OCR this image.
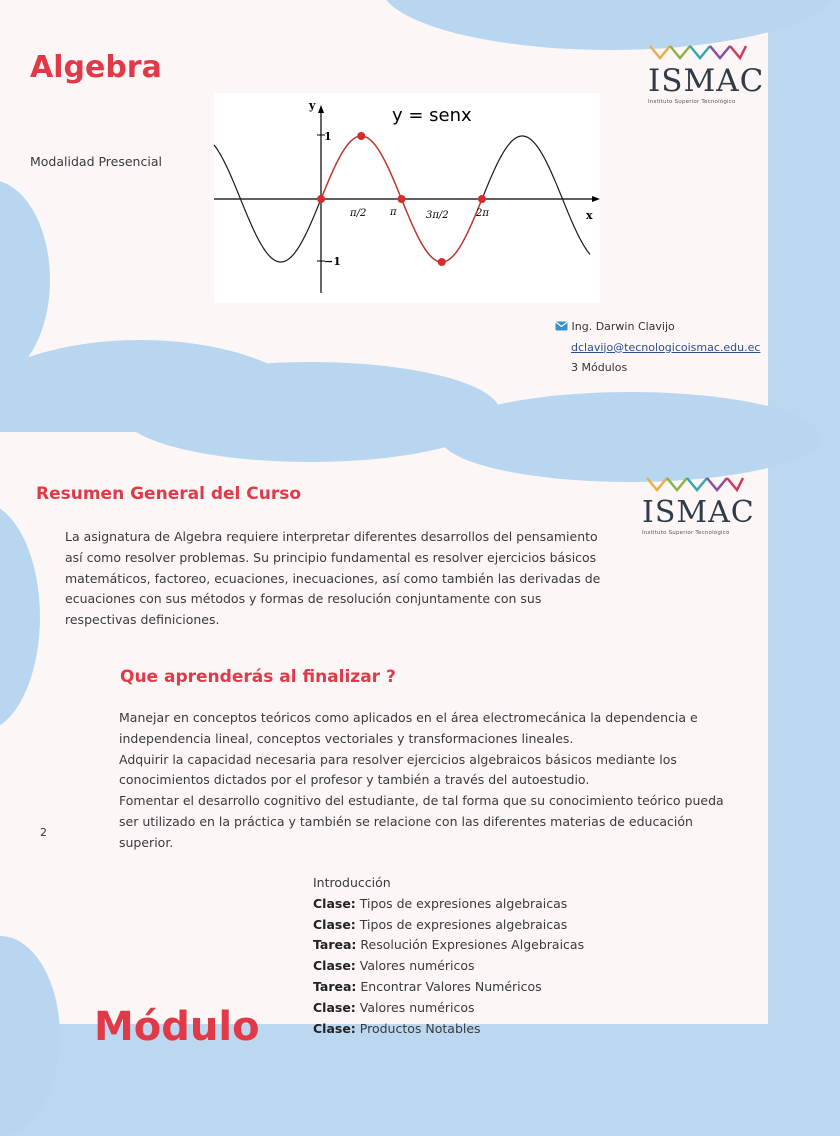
Algebra
Modalidad Presencial
y = senx
y
x
1
−1
π/2 π	3π/2	2π
ISMAC
Instituto Superior Tecnológico
Ing. Darwin Clavijo
dclavijo@tecnologicoismac.edu.ec
3 Módulos
Resumen General del Curso
ISMAC
Instituto Superior Tecnológico
La asignatura de Algebra requiere interpretar diferentes desarrollos del pensamiento así como resolver problemas. Su principio fundamental es resolver ejercicios básicos matemáticos, factoreo, ecuaciones, inecuaciones, así como también las derivadas de ecuaciones con sus métodos y formas de resolución conjuntamente con sus respectivas definiciones.
Que aprenderás al finalizar ?
Manejar en conceptos teóricos como aplicados en el área electromecánica la dependencia e independencia lineal, conceptos vectoriales y transformaciones lineales.
Adquirir la capacidad necesaria para resolver ejercicios algebraicos básicos mediante los conocimientos dictados por el profesor y también a través del autoestudio.
Fomentar el desarrollo cognitivo del estudiante, de tal forma que su conocimiento teórico pueda ser utilizado en la práctica y también se relacione con las diferentes materias de educación superior.
2
Introducción
Clase: Tipos de expresiones algebraicas
Clase: Tipos de expresiones algebraicas
Tarea: Resolución Expresiones Algebraicas
Clase: Valores numéricos
Tarea: Encontrar Valores Numéricos
Clase: Valores numéricos
Clase: Productos Notables
Módulo
